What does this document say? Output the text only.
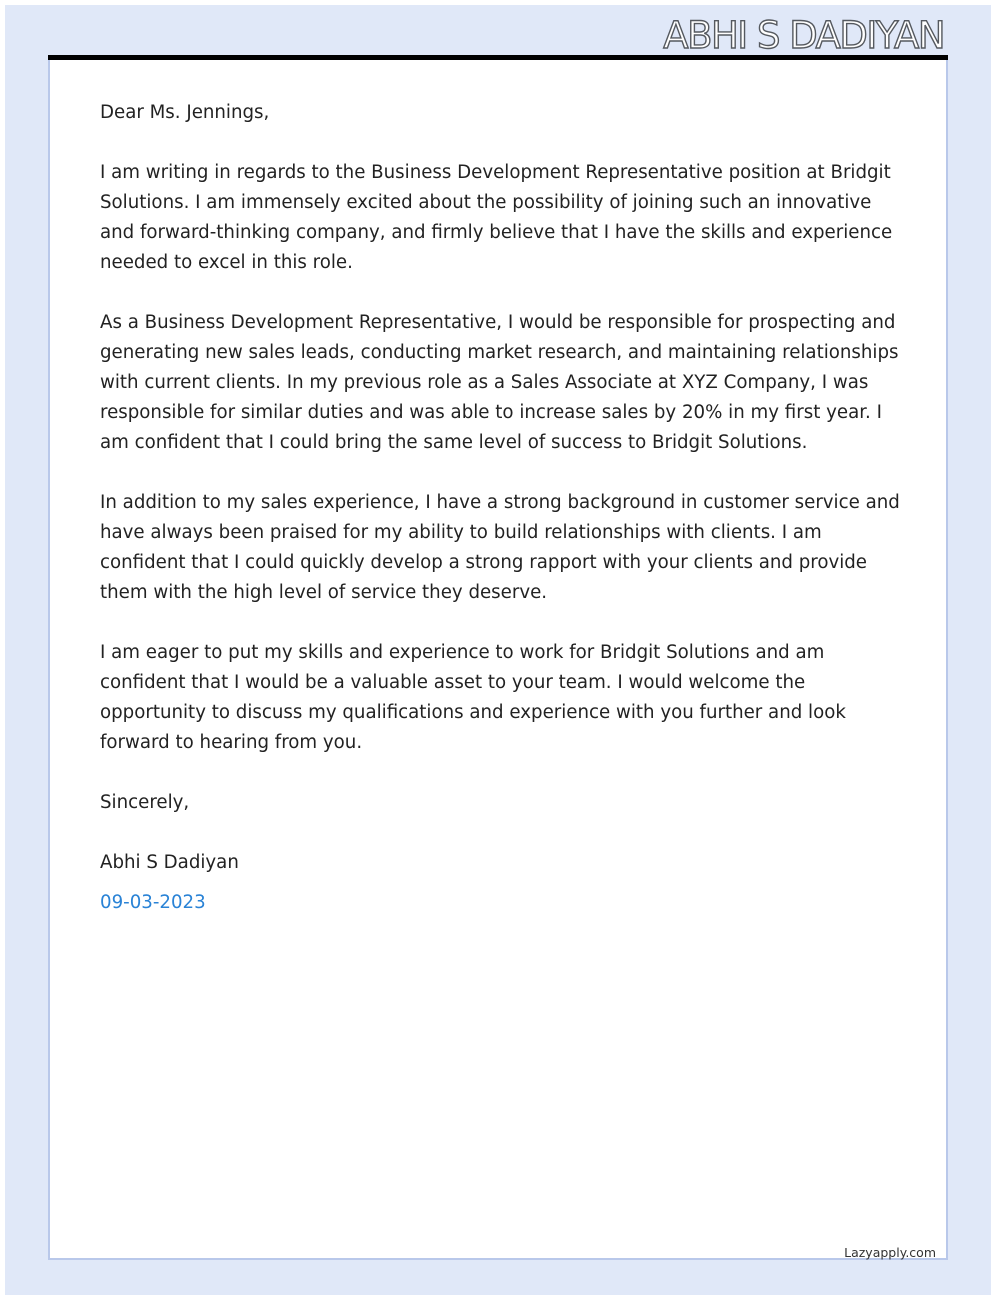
ABHI S DADIYAN

Dear Ms. Jennings,

I am writing in regards to the Business Development Representative position at Bridgit Solutions. I am immensely excited about the possibility of joining such an innovative and forward-thinking company, and firmly believe that I have the skills and experience needed to excel in this role.

As a Business Development Representative, I would be responsible for prospecting and generating new sales leads, conducting market research, and maintaining relationships with current clients. In my previous role as a Sales Associate at XYZ Company, I was responsible for similar duties and was able to increase sales by 20% in my first year. I am confident that I could bring the same level of success to Bridgit Solutions.

In addition to my sales experience, I have a strong background in customer service and have always been praised for my ability to build relationships with clients. I am confident that I could quickly develop a strong rapport with your clients and provide them with the high level of service they deserve.

I am eager to put my skills and experience to work for Bridgit Solutions and am confident that I would be a valuable asset to your team. I would welcome the opportunity to discuss my qualifications and experience with you further and look forward to hearing from you.

Sincerely,

Abhi S Dadiyan

09-03-2023

Lazyapply.com
